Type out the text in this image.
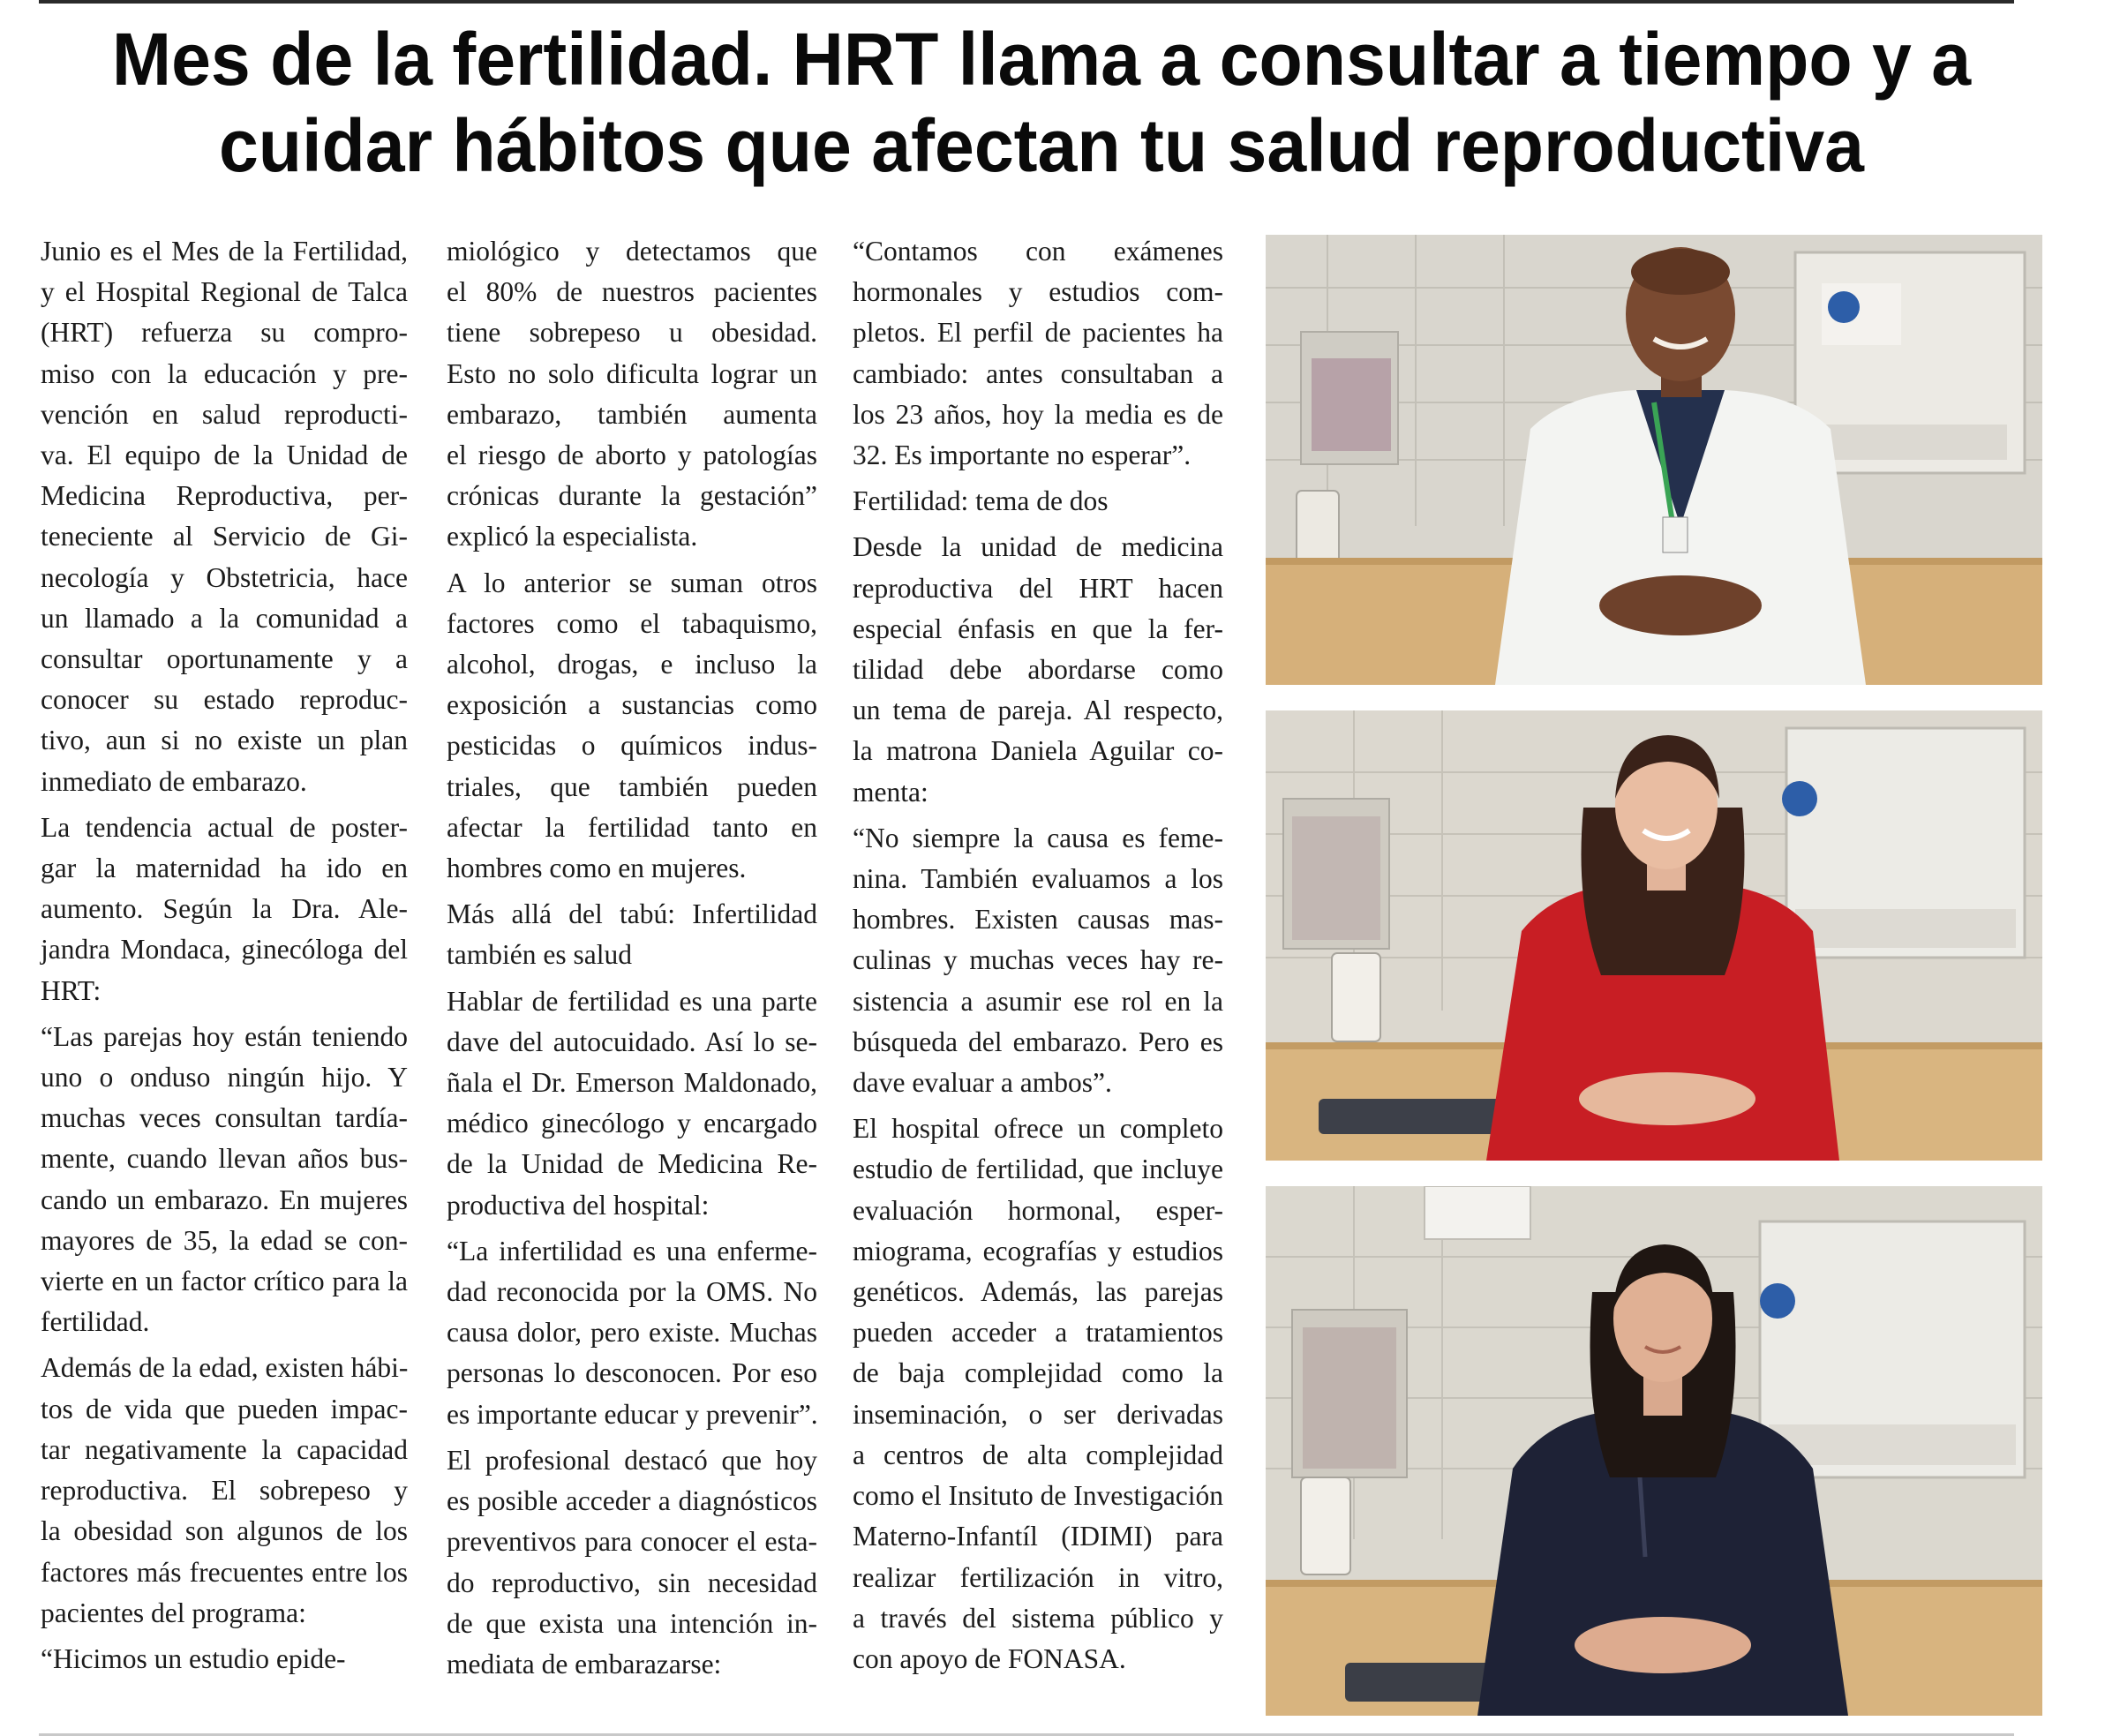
Mes de la fertilidad. HRT llama a consultar a tiempo y a
cuidar hábitos que afectan tu salud reproductiva

Junio es el Mes de la Fertilidad,
y el Hospital Regional de Talca
(HRT) refuerza su compro-
miso con la educación y pre-
vención en salud reproducti-
va. El equipo de la Unidad de
Medicina Reproductiva, per-
teneciente al Servicio de Gi-
necología y Obstetricia, hace
un llamado a la comunidad a
consultar oportunamente y a
conocer su estado reproduc-
tivo, aun si no existe un plan
inmediato de embarazo.

La tendencia actual de poster-
gar la maternidad ha ido en
aumento. Según la Dra. Ale-
jandra Mondaca, ginecóloga del
HRT:

“Las parejas hoy están teniendo
uno o onduso ningún hijo. Y
muchas veces consultan tardía-
mente, cuando llevan años bus-
cando un embarazo. En mujeres
mayores de 35, la edad se con-
vierte en un factor crítico para la
fertilidad.

Además de la edad, existen hábi-
tos de vida que pueden impac-
tar negativamente la capacidad
reproductiva. El sobrepeso y
la obesidad son algunos de los
factores más frecuentes entre los
pacientes del programa:

“Hicimos un estudio epide-

miológico y detectamos que
el 80% de nuestros pacientes
tiene sobrepeso u obesidad.
Esto no solo dificulta lograr un
embarazo, también aumenta
el riesgo de aborto y patologías
crónicas durante la gestación”
explicó la especialista.

A lo anterior se suman otros
factores como el tabaquismo,
alcohol, drogas, e incluso la
exposición a sustancias como
pesticidas o químicos indus-
triales, que también pueden
afectar la fertilidad tanto en
hombres como en mujeres.

Más allá del tabú: Infertilidad
también es salud

Hablar de fertilidad es una parte
dave del autocuidado. Así lo se-
ñala el Dr. Emerson Maldonado,
médico ginecólogo y encargado
de la Unidad de Medicina Re-
productiva del hospital:

“La infertilidad es una enferme-
dad reconocida por la OMS. No
causa dolor, pero existe. Muchas
personas lo desconocen. Por eso
es importante educar y prevenir”.

El profesional destacó que hoy
es posible acceder a diagnósticos
preventivos para conocer el esta-
do reproductivo, sin necesidad
de que exista una intención in-
mediata de embarazarse:

“Contamos con exámenes
hormonales y estudios com-
pletos. El perfil de pacientes ha
cambiado: antes consultaban a
los 23 años, hoy la media es de
32. Es importante no esperar”.

Fertilidad: tema de dos

Desde la unidad de medicina
reproductiva del HRT hacen
especial énfasis en que la fer-
tilidad debe abordarse como
un tema de pareja. Al respecto,
la matrona Daniela Aguilar co-
menta:

“No siempre la causa es feme-
nina. También evaluamos a los
hombres. Existen causas mas-
culinas y muchas veces hay re-
sistencia a asumir ese rol en la
búsqueda del embarazo. Pero es
dave evaluar a ambos”.

El hospital ofrece un completo
estudio de fertilidad, que incluye
evaluación hormonal, esper-
miograma, ecografías y estudios
genéticos. Además, las parejas
pueden acceder a tratamientos
de baja complejidad como la
inseminación, o ser derivadas
a centros de alta complejidad
como el Insituto de Investigación
Materno-Infantíl (IDIMI) para
realizar fertilización in vitro,
a través del sistema público y
con apoyo de FONASA.
